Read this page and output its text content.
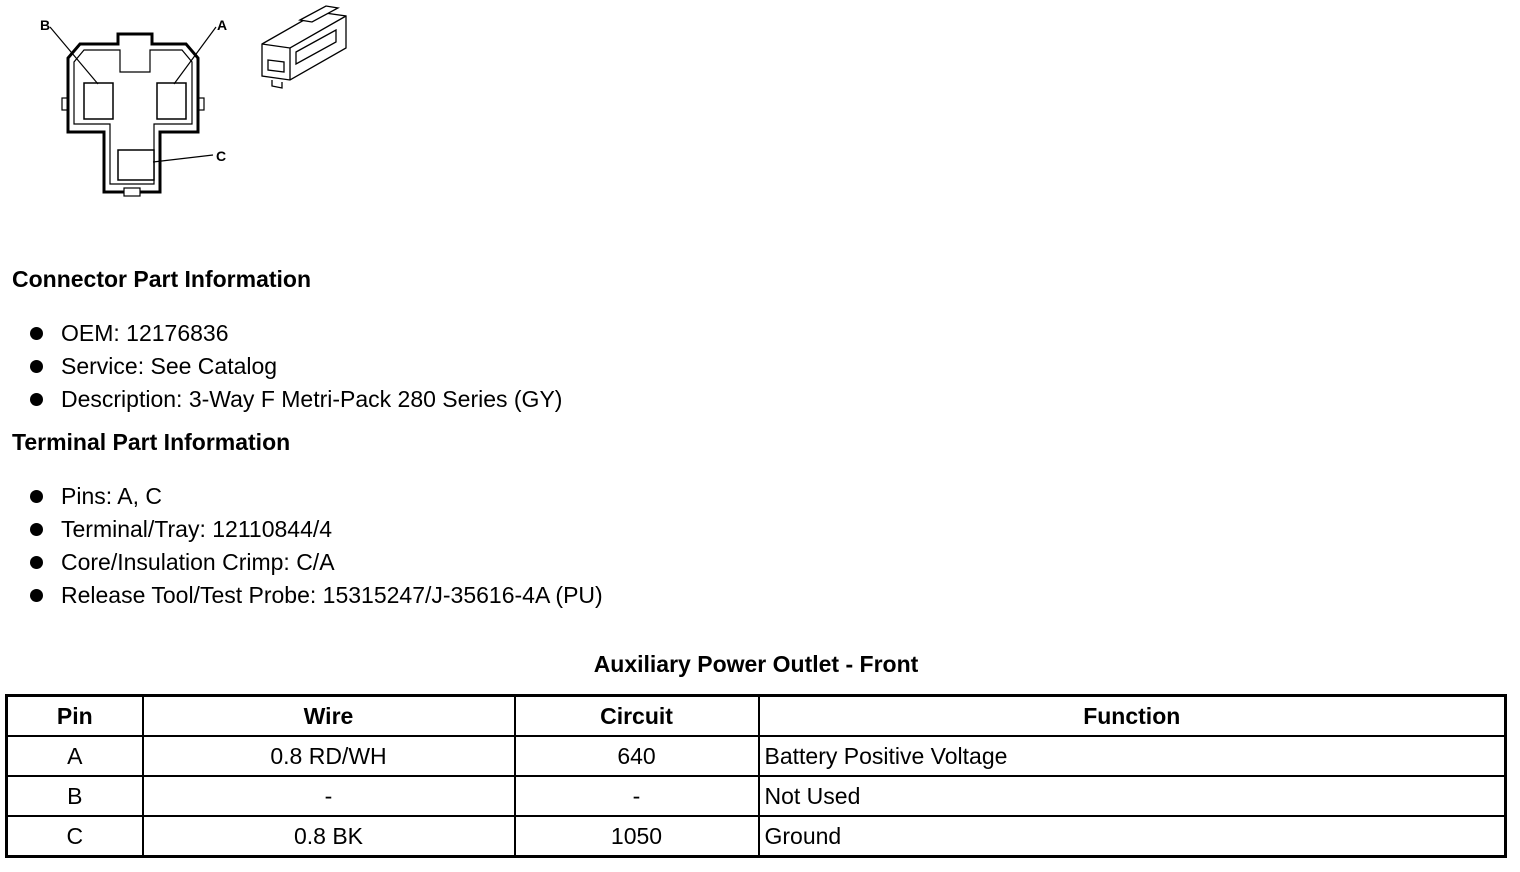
B	A
C
Connector Part Information
OEM: 12176836
Service: See Catalog
Description: 3-Way F Metri-Pack 280 Series (GY)
Terminal Part Information
Pins: A, C
Terminal/Tray: 12110844/4
Core/Insulation Crimp: C/A
Release Tool/Test Probe: 15315247/J-35616-4A (PU)
Auxiliary Power Outlet - Front
Pin	Wire	Circuit	Function
A	0.8 RD/WH	640	Battery Positive Voltage
B	-	-	Not Used
C	0.8 BK	1050	Ground
